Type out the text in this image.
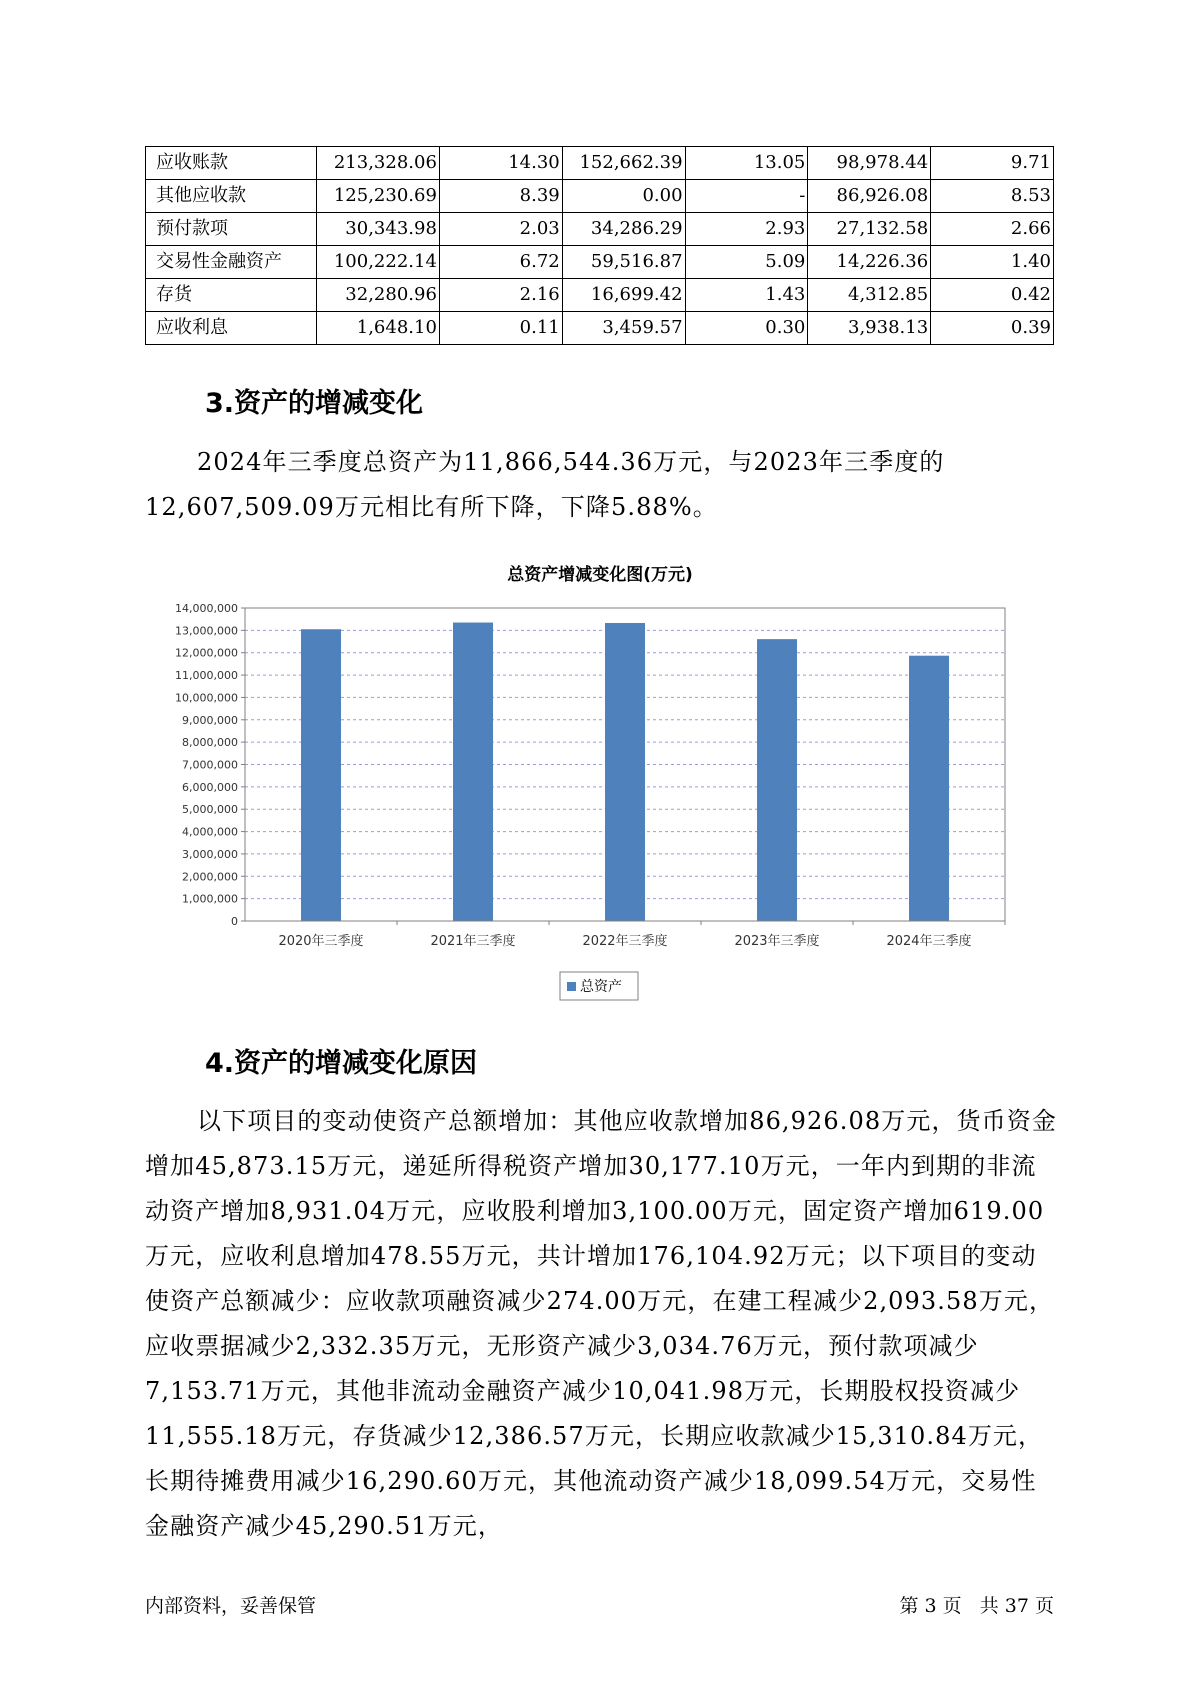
应收账款	213,328.06	14.30	152,662.39	13.05	98,978.44	9.71
其他应收款	125,230.69	8.39	0.00	-	86,926.08	8.53
预付款项	30,343.98	2.03	34,286.29	2.93	27,132.58	2.66
交易性金融资产	100,222.14	6.72	59,516.87	5.09	14,226.36	1.40
存货	32,280.96	2.16	16,699.42	1.43	4,312.85	0.42
应收利息	1,648.10	0.11	3,459.57	0.30	3,938.13	0.39
3.资产的增减变化

2024年三季度总资产为11,866,544.36万元，与2023年三季度的12,607,509.09万元相比有所下降，下降5.88%。

总资产增减变化图(万元)
0
1,000,000
2,000,000
3,000,000
4,000,000
5,000,000
6,000,000
7,000,000
8,000,000
9,000,000
10,000,000
11,000,000
12,000,000
13,000,000
14,000,000
2020年三季度	2021年三季度	2022年三季度	2023年三季度	2024年三季度
总资产
4.资产的增减变化原因

以下项目的变动使资产总额增加：其他应收款增加86,926.08万元，货币资金增加45,873.15万元，递延所得税资产增加30,177.10万元，一年内到期的非流动资产增加8,931.04万元，应收股利增加3,100.00万元，固定资产增加619.00万元，应收利息增加478.55万元，共计增加176,104.92万元；以下项目的变动使资产总额减少：应收款项融资减少274.00万元，在建工程减少2,093.58万元，应收票据减少2,332.35万元，无形资产减少3,034.76万元，预付款项减少7,153.71万元，其他非流动金融资产减少10,041.98万元，长期股权投资减少11,555.18万元，存货减少12,386.57万元，长期应收款减少15,310.84万元，长期待摊费用减少16,290.60万元，其他流动资产减少18,099.54万元，交易性金融资产减少45,290.51万元，

内部资料，妥善保管	第 3 页   共 37 页
